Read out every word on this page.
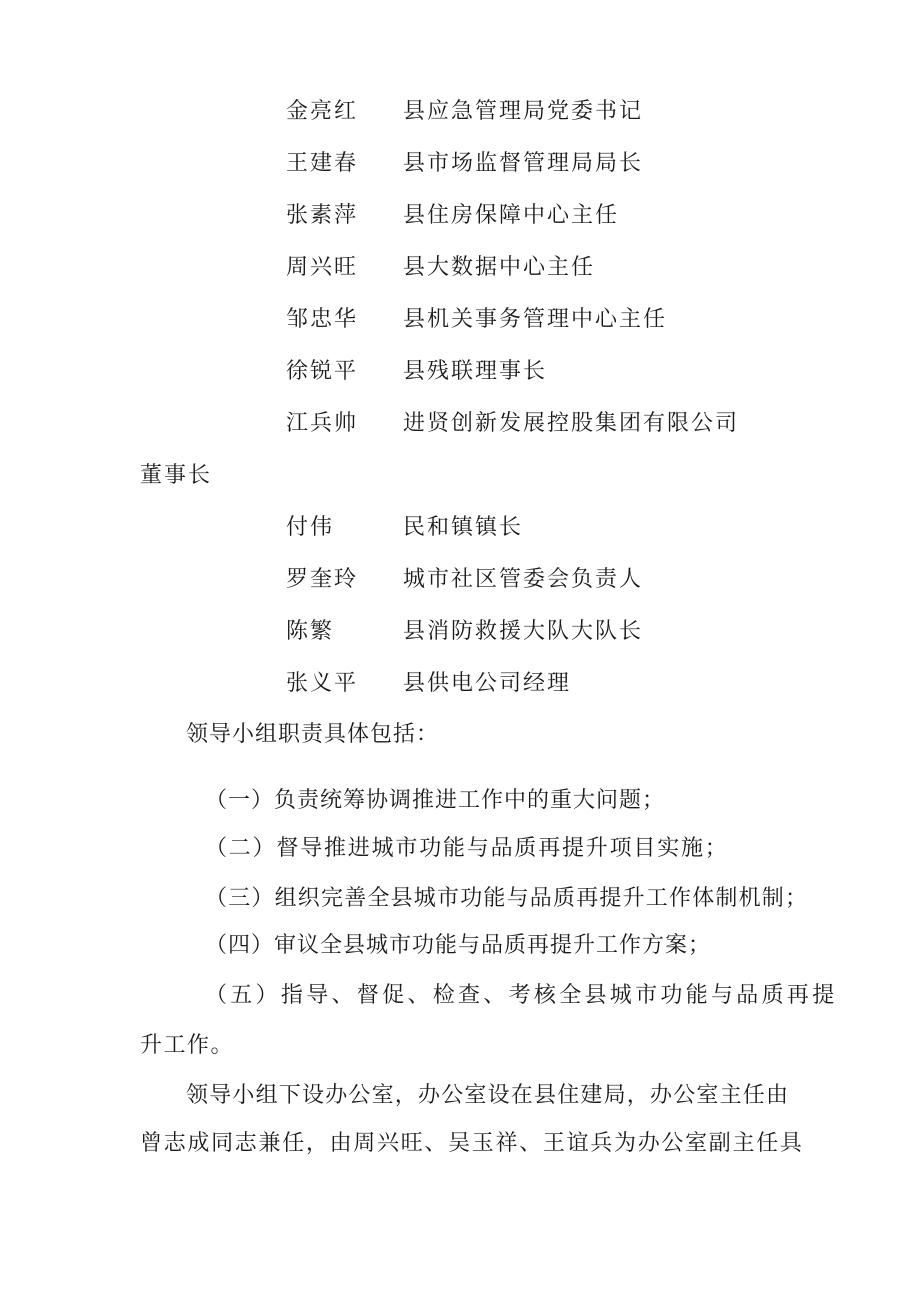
金亮红 县应急管理局党委书记
王建春 县市场监督管理局局长
张素萍 县住房保障中心主任
周兴旺 县大数据中心主任
邹忠华 县机关事务管理中心主任
徐锐平 县残联理事长
江兵帅 进贤创新发展控股集团有限公司
董事长
付伟	民和镇镇长
罗奎玲 城市社区管委会负责人
陈繁	县消防救援大队大队长
张义平 县供电公司经理
领导小组职责具体包括：
（一）负责统筹协调推进工作中的重大问题；
（二）督导推进城市功能与品质再提升项目实施；
（三）组织完善全县城市功能与品质再提升工作体制机制；
（四）审议全县城市功能与品质再提升工作方案；
（五）指导、督促、检查、考核全县城市功能与品质再提
升工作。
领导小组下设办公室，办公室设在县住建局，办公室主任由
曾志成同志兼任，由周兴旺、吴玉祥、王谊兵为办公室副主任具
